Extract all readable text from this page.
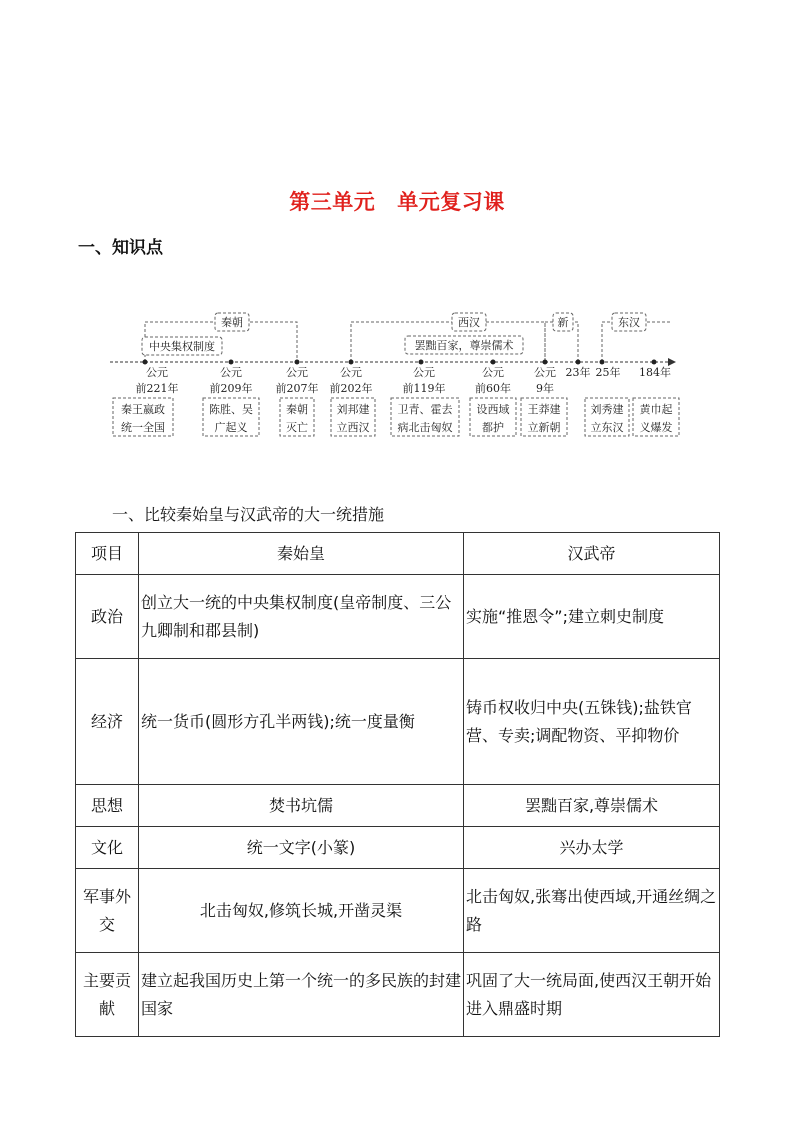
第三单元 单元复习课
一、知识点
秦朝
中央集权制度
西汉
罢黜百家，尊崇儒术
新	东汉
公元
前221年
公元
前209年
公元
前207年
公元
前202年
公元
前119年
公元
前60年
公元
9年
23年 25年 184年
秦王嬴政
统一全国
陈胜、吴
广起义
秦朝
灭亡
刘邦建
立西汉
卫青、霍去
病北击匈奴
设西域
都护
王莽建
立新朝
刘秀建
立东汉
黄巾起
义爆发
一、比较秦始皇与汉武帝的大一统措施
项目	秦始皇	汉武帝
政治	创立大一统的中央集权制度(皇帝制度、三公九卿制和郡县制)	实施“推恩令”;建立刺史制度
经济	统一货币(圆形方孔半两钱);统一度量衡	铸币权收归中央(五铢钱);盐铁官营、专卖;调配物资、平抑物价
思想	焚书坑儒	罢黜百家,尊崇儒术
文化	统一文字(小篆)	兴办太学
军事外交	北击匈奴,修筑长城,开凿灵渠	北击匈奴,张骞出使西域,开通丝绸之路
主要贡献	建立起我国历史上第一个统一的多民族的封建国家	巩固了大一统局面,使西汉王朝开始进入鼎盛时期
